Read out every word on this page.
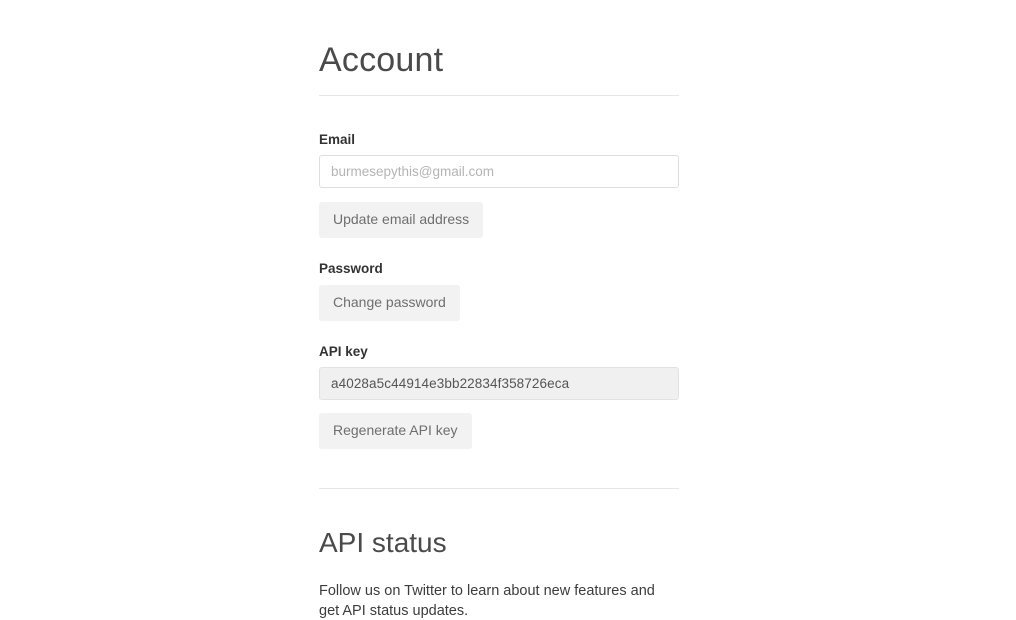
Account
Email
burmesepythis@gmail.com
Update email address
Password
Change password
API key
a4028a5c44914e3bb22834f358726eca
Regenerate API key
API status

Follow us on Twitter to learn about new features and get API status updates.
